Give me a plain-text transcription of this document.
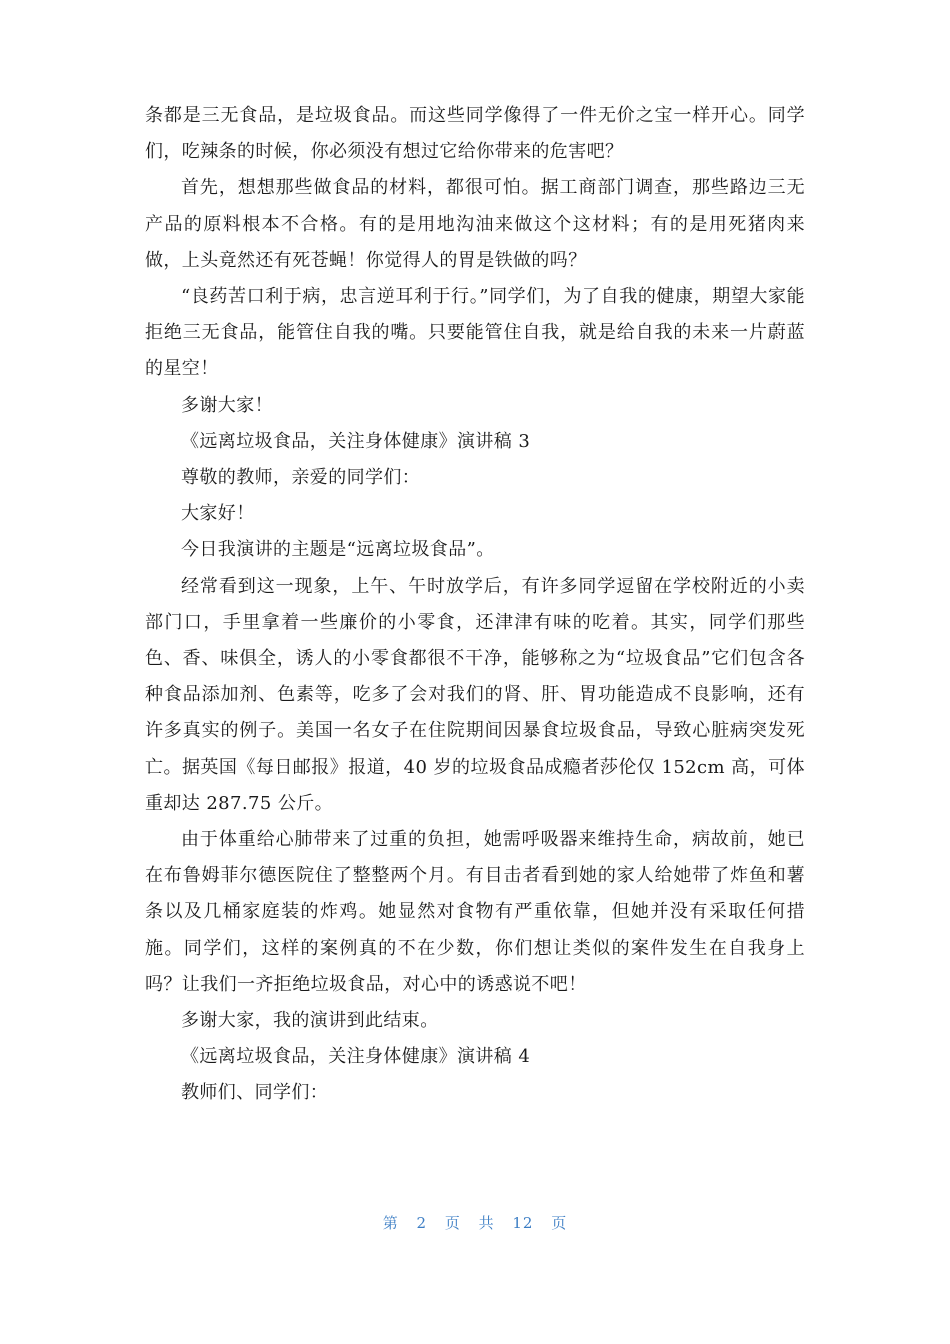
条都是三无食品，是垃圾食品。而这些同学像得了一件无价之宝一样开心。同学们，吃辣条的时候，你必须没有想过它给你带来的危害吧？

首先，想想那些做食品的材料，都很可怕。据工商部门调查，那些路边三无产品的原料根本不合格。有的是用地沟油来做这个这材料；有的是用死猪肉来做，上头竟然还有死苍蝇！你觉得人的胃是铁做的吗？

“良药苦口利于病，忠言逆耳利于行。”同学们，为了自我的健康，期望大家能拒绝三无食品，能管住自我的嘴。只要能管住自我，就是给自我的未来一片蔚蓝的星空！

多谢大家！

《远离垃圾食品，关注身体健康》演讲稿 3

尊敬的教师，亲爱的同学们：

大家好！

今日我演讲的主题是“远离垃圾食品”。

经常看到这一现象，上午、午时放学后，有许多同学逗留在学校附近的小卖部门口，手里拿着一些廉价的小零食，还津津有味的吃着。其实，同学们那些色、香、味俱全，诱人的小零食都很不干净，能够称之为“垃圾食品”它们包含各种食品添加剂、色素等，吃多了会对我们的肾、肝、胃功能造成不良影响，还有许多真实的例子。美国一名女子在住院期间因暴食垃圾食品，导致心脏病突发死亡。据英国《每日邮报》报道，40 岁的垃圾食品成瘾者莎伦仅 152cm 高，可体重却达 287.75 公斤。

由于体重给心肺带来了过重的负担，她需呼吸器来维持生命，病故前，她已在布鲁姆菲尔德医院住了整整两个月。有目击者看到她的家人给她带了炸鱼和薯条以及几桶家庭装的炸鸡。她显然对食物有严重依靠，但她并没有采取任何措施。同学们，这样的案例真的不在少数，你们想让类似的案件发生在自我身上吗？让我们一齐拒绝垃圾食品，对心中的诱惑说不吧！

多谢大家，我的演讲到此结束。

《远离垃圾食品，关注身体健康》演讲稿 4

教师们、同学们：

第 2 页 共 12 页
